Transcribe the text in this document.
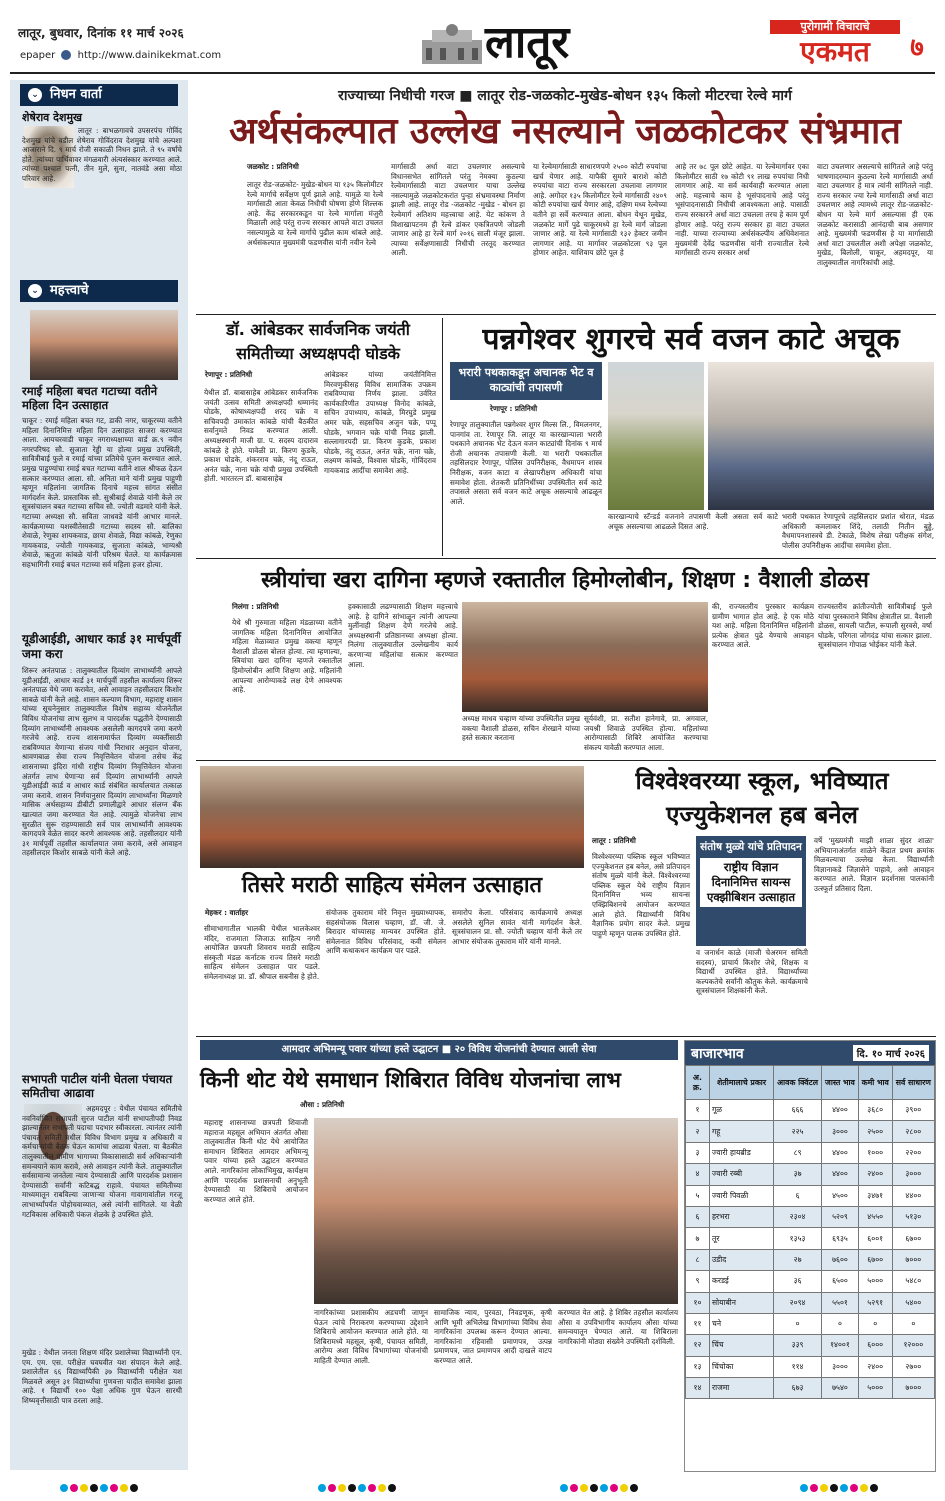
लातूर, बुधवार, दिनांक ११ मार्च २०२६
epaper http://www.dainikekmat.com	लातूर	पुरोगामी विचाराचे
एकमत	७
⌄ निधन वार्ता
शेषेराव देशमुख
लातूर : बाभळगावचे उपसरपंच गोविंद देशमुख यांचे वडील शेषेराव गोविंदराव देशमुख यांचे अल्पशा आजाराने दि. ९ मार्च रोजी सकाळी निधन झाले. ते ९५ वर्षांचे होते. त्यांच्या पार्थिवावर मंगळवारी अंत्यसंस्कार करण्यात आले. त्यांच्या पश्चात पत्नी, तीन मुले, सुना, नातवंडे असा मोठा परिवार आहे.
⌄ महत्त्वाचे
रमाई महिला बचत गटाच्या वतीने महिला दिन उत्साहात
चाकूर : रमाई महिला बचत गट, डाकी नगर, चाकूरच्या वतीने महिला दिनानिमित्त महिला दिन उत्साहात साजरा करण्यात आला. आयचरवाडी चाकूर नगराध्यक्षाच्या वार्ड क्र.९ नवीन नगरपरिषद सौ. सुजाता रेड्डी या होत्या प्रमुख उपस्थिती, सावित्रीबाई फुले व रमाई यांच्या प्रतिमेचे पूजन करण्यात आले. प्रमुख पाहुण्यांचा रमाई बचत गटाच्या वतीने शाल श्रीफळ देऊन सत्कार करण्यात आला. सौ. अनिता माने यांनी प्रमुख पाहुणी म्हणून महिलांना जागतिक दिनाचे महत्त्व सांगत संसीत मार्गदर्शन केले. प्रास्ताविक सौ. सुश्रीबाई शेवाळे यांनी केले तर सूत्रसंचालन बबत गटाच्या सचिव सौ. ज्योती वडमारे यांनी केले. गटाच्या अध्यक्षा सौ. सविता जाधवडे यांनी आभार मानले. कार्यक्रमाच्या यशस्वीतेसाठी गटाच्या सदस्य सौ. बालिका शेवाळे, रेणुका शायकवाड, छाया शेवाळे, विद्या कांबळे, रेणुका गायकवाड, ज्योती गायकवाड, सुजाता कांबळे, भाग्यश्री शेवाळे, ऋतुजा कांबळे यांनी परिश्रम घेतले. या कार्यक्रमास सहभागिनी रमाई बचत गटाच्या सर्व महिला हजर होत्या.
यूडीआईडी, आधार कार्ड ३१ मार्चपूर्वी जमा करा
शिरूर अनंतपाळ : तालुक्यातील दिव्यांग लाभार्थ्यांनी आपले यूडीआईडी, आधार कार्ड ३१ मार्चपूर्वी तहसील कार्यालय शिरूर अनंतपाळ येथे जमा करावेत, असे आवाहन तहसीलदार किशोर साबळे यांनी केले आहे. शासन कल्याण विभाग, महाराष्ट्र शासन यांच्या सूचनेनुसार तालुक्यातील विशेष सहाय्य योजनेतील विविध योजनांचा लाभ सुलभ व पारदर्शक पद्धतीने देण्यासाठी दिव्यांग लाभार्थ्यांनी आवश्यक असलेली कागदपत्रे जमा करणे गरजेचे आहे. राज्य शासनामार्फत दिव्यांग व्यक्तींसाठी राबविण्यात येणाऱ्या संजय गांधी निराधार अनुदान योजना, श्रावणबाळ सेवा राज्य निवृत्तिवेतन योजना तसेच केंद्र शासनाच्या इंदिरा गांधी राष्ट्रीय दिव्यांग निवृत्तिवेतन योजना अंतर्गत लाभ घेणाऱ्या सर्व दिव्यांग लाभार्थ्यांनी आपले यूडीआईडी कार्ड व आधार कार्ड संबंधित कार्यालयात तत्काळ जमा करावे. शासन निर्णयानुसार दिव्यांग लाभार्थ्यांना मिळणारे मासिक अर्थसहाय्य डीबीटी प्रणालीद्वारे आधार संलग्न बँक खात्यात जमा करण्यात येत आहे. त्यामुळे योजनेचा लाभ सुरळीत सुरू राहण्यासाठी सर्व पात्र लाभार्थ्यांनी आवश्यक कागदपत्रे वेळेत सादर करणे आवश्यक आहे. तहसीलदार यांनी ३१ मार्चपूर्वी तहसील कार्यालयात जमा करावे, असे आवाहन तहसीलदार किशोर साबळे यांनी केले आहे.
सभापती पाटील यांनी घेतला पंचायत समितीचा आढावा
अहमदपूर : येथील पंचायत समितीचे नवनिर्वाचित सभापती सुरज पाटील यांनी सभापतीपदी निवड झाल्यानंतर सभापती पदाचा पदभार स्वीकारला. त्यानंतर त्यांनी पंचायत समिती मधील विविध विभाग प्रमुख व अधिकारी व कर्मचाऱ्यांची बैठक घेऊन कामांचा आढावा घेतला. या बैठकीत तालुक्यातील ग्रामीण भागाच्या विकासासाठी सर्व अधिकाऱ्यांनी समन्वयाने काम करावे, असे आवाहन त्यांनी केले. तालुक्यातील सर्वसामान्य जनतेला न्याय देण्यासाठी आणि पारदर्शक प्रशासन देण्यासाठी सर्वांनी कटिबद्ध राहावे. पंचायत समितीच्या माध्यमातून राबविल्या जाणाऱ्या योजना गावागावांतील गरजू लाभार्थ्यांपर्यंत पोहोचवाव्यात, असे त्यांनी सांगितले. या वेळी गटविकास अधिकारी पंकज शेळके हे उपस्थित होते.
मुखेड : येथील जनता शिक्षण मंदिर प्रशालेच्या विद्यार्थ्यांनी एन. एम. एम. एस. परीक्षेत घवघवीत यश संपादन केले आहे. प्रशालेतील ६६ विद्यार्थ्यांपैकी ३७ विद्यार्थ्यांनी परीक्षेत यश मिळवले असून ३१ विद्यार्थ्यांचा गुणवत्ता यादीत समावेश झाला आहे. १ विद्यार्थी १०० पेक्षा अधिक गुण घेऊन सारथी शिष्यवृत्तीसाठी पात्र ठरला आहे.
राज्याच्या निधीची गरज ■ लातूर रोड-जळकोट-मुखेड-बोधन १३५ किलो मीटरचा रेल्वे मार्ग
अर्थसंकल्पात उल्लेख नसल्याने जळकोटकर संभ्रमात
जळकोट : प्रतिनिधी
लातूर रोड-जळकोट- मुखेड-बोधन या १३५ किलोमीटर रेल्वे मार्गाचे सर्वेक्षण पूर्ण झाले आहे. यामुळे या रेल्वे मार्गासाठी आता केवळ निधीची घोषणा होणे शिल्लक आहे. केंद्र सरकारकडून या रेल्वे मार्गाला मंजुरी मिळाली आहे परंतु राज्य सरकार आपले वाटा उचलत नसल्यामुळे या रेल्वे मार्गाचे पुढील काम थांबले आहे. अर्थसंकल्पात मुख्यमंत्री फडणवीस यांनी नवीन रेल्वे
मार्गासाठी अर्धा वाटा उचलणार असल्याचे विधानसभेत सांगितले परंतु नेमक्या कुठल्या रेल्वेमार्गासाठी वाटा उचलणार याचा उल्लेख नसल्यामुळे जळकोटकरांत पुन्हा संभ्रमावस्था निर्माण झाली आहे. लातूर रोड -जळकोट -मुखेड - बोधन हा रेल्वेमार्ग अतिशय महत्त्वाचा आहे. येट कांकण ते विशाखापटनम ही रेल्वे डांकर एकत्रितपणे जोडली जाणार आहे हा रेल्वे मार्ग २०१६ साली मंजूर झाला. त्याच्या सर्वेक्षणासाठी निधीची तरतूद करण्यात आली.
या रेल्वेमार्गासाठी साधारणपणे २५०० कोटी रुपयांचा खर्च येणार आहे. यापैकी सुमारे बाराशे कोटी रुपयांचा वाटा राज्य सरकारला उचलावा लागणार आहे. अगोदर १३५ किलोमीटर रेल्वे मार्गासाठी २४०९ कोटी रुपयांचा खर्च येणार आहे, दक्षिण मध्य रेल्वेच्या वतीने हा सर्वे करण्यात आला. बोधन येथून मुखेड, जळकोट मार्गे पुढे चाकूरमध्ये हा रेल्वे मार्ग जोडला जाणार आहे. या रेल्वे मार्गासाठी १३२ हेक्टर जमीन लागणार आहे. या मार्गावर जळकोटला ९३ पूल होणार आहेत. याशिवाय छोटे पूल हे
आहे तर ७८ पूल छोटे आहेत. या रेल्वेमार्गावर एका किलोमीटर साठी १७ कोटी ९१ लाख रुपयांचा निधी लागणार आहे. या सर्व कार्यवाही करण्यात आला आहे. महत्त्वाचे काम हे भूसंपादनाचे आहे परंतु भूसंपादनासाठी निधीची आवश्यकता आहे. यासाठी राज्य सरकारने अर्धा वाटा उचलला तरच हे काम पूर्ण होणार आहे. परंतु राज्य सरकार हा वाटा उचलत नाही. याच्या राज्याच्या अर्थसंकल्पीय अधिवेशनात मुख्यमंत्री देवेंद्र फडणवीस यांनी राज्यातील रेल्वे मार्गांसाठी राज्य सरकार अर्धा
वाटा उचलणार असल्याचे सांगितले आहे परंतु भाषणादरम्यान कुठल्या रेल्वे मार्गासाठी अर्धा वाटा उचलणार हे मात्र त्यांनी सांगितले नाही. राज्य सरकार ज्या रेल्वे मार्गासाठी अर्धा वाटा उचलणार आहे त्यामध्ये लातूर रोड-जळकोट-बोधन या रेल्वे मार्ग असल्यास ही एक जळकोट करासाठी आनंदाची बाब असणार आहे. मुख्यमंत्री फडणवीस हे या मार्गासाठी अर्धा वाटा उचलतील अशी अपेक्षा जळकोट, मुखेड, बिलोली, चाकूर, अहमदपूर, या तालुक्यातील नागरिकांची आहे.
डॉ. आंबेडकर सार्वजनिक जयंती समितीच्या अध्यक्षपदी घोडके
रेणापूर : प्रतिनिधी
येथील डॉ. बाबासाहेब आंबेडकर सार्वजनिक जयंती उत्सव समिती अध्यक्षपदी धम्मानंद घोडके, कोषाध्यक्षपदी शरद चक्रे व सचिवपदी उमाकांत कांबळे यांची बैठकीत सर्वानुमते निवड करण्यात आली. अध्यक्षस्थानी माजी ग्रा. प. सदस्य दादाराव कांबळे हे होते. यावेळी प्रा. किरण कुडके, प्रकाश घोडके, शंकरराव चक्रे, नंदू राऊत, अनंत चक्रे, नाना चक्रे यांची प्रमुख उपस्थिती होती. भारतरत्न डॉ. बाबासाहेब
आंबेडकर यांच्या जयंतीनिमित्त मिरवणुकीसह विविध सामाजिक उपक्रम राबविण्याचा निर्णय झाला. उर्वरित कार्यकारिणीत उपाध्यक्ष विनोद कांबळे, सचिन उपाध्याय, कांबळे, मिरघुडे प्रमुख अमर चक्रे, सहसचिव अजुन चक्रे, पप्पू घोडके, भगवान चक्रे यांची निवड झाली. सल्लागारपदी प्रा. किरण कुडके, प्रकाश घोडके, नंदू राऊत, अनंत चक्रे, नाना चक्रे, लक्ष्मण कांबळे, विश्वास घोडके, गोविंदराव गायकवाड आदींचा समावेश आहे.
पन्नगेश्वर शुगरचे सर्व वजन काटे अचूक
भरारी पथकाकडून अचानक भेट व काट्यांची तपासणी
रेणापूर : प्रतिनिधी
रेणापूर तालुक्यातील पन्नगेश्वर शुगर मिल्स लि., विमलनगर, पानगांव ता. रेणापूर जि. लातूर या कारखान्याला भरारी पथकाने अचानक भेट देऊन वजन काट्यांची दिनांक ९ मार्च रोजी अचानक तपासणी केली. या भरारी पथकातील तहसिलदार रेणापूर, पोलिस उपनिरीक्षक, वैधमापन शास्त्र निरीक्षक, वजन काटा व लेखापरीक्षण अधिकारी यांचा समावेश होता. शेतकरी प्रतिनिधींच्या उपस्थितीत सर्व काटे तपासले असता सर्व वजन काटे अचूक असल्याचे आढळून आले.
कारखान्याचे स्टॅन्डर्ड वजनाने तपासणी केली असता सर्व काटे अचूक असल्याचा आढळले दिसत आहे.
भरारी पथकात रेणापूरचे तहसिलदार प्रशांत थोरात, मंडळ अधिकारी कमलाकर शिंदे, तलाठी नितीन बुड्डे, वैधमापनशास्त्रचे डी. टेकाळे, विशेष लेखा परीक्षक संगेश, पोलीस उपनिरीक्षक आदींचा समावेश होता.
स्त्रीयांचा खरा दागिना म्हणजे रक्तातील हिमोग्लोबीन, शिक्षण : वैशाली डोळस
निलंगा : प्रतिनिधी
येथे श्री गुरुमाता महिला मंडळाच्या वतीने जागतिक महिला दिनानिमित्त आयोजित महिला मेळाव्यात प्रमुख वक्त्या म्हणून वैशाली डोळस बोलत होत्या. त्या म्हणाल्या, स्त्रियांचा खरा दागिना म्हणजे रक्तातील हिमोग्लोबीन आणि शिक्षण आहे. महिलांनी आपल्या आरोग्याकडे लक्ष देणे आवश्यक आहे.
हक्कासाठी लढण्यासाठी शिक्षण महत्त्वाचे आहे. हे दागिने सांभाळून त्यांनी आपल्या मुलींनाही शिक्षण देणे गरजेचे आहे. अध्यक्षस्थानी प्रतिष्ठानच्या अध्यक्षा होत्या. निलंगा तालुक्यातील उल्लेखनीय कार्य करणाऱ्या महिलांचा सत्कार करण्यात आला.
अध्यक्ष माधव चव्हाण यांच्या उपस्थितीत प्रमुख वक्त्या वैशाली डोळस, सचिन शेरखाने यांच्या हस्ते सत्कार करताना
सूर्यवंशी, प्रा. सतीश हानेगावे, प्रा. अगवाल, जयश्री शिवाळे उपस्थित होत्या. महिलांच्या आरोग्यासाठी शिबिरे आयोजित करण्याचा संकल्प यावेळी करण्यात आला.
की, राज्यस्तरीय पुरस्कार कार्यक्रम ग्रामीण भागात होत आहे. हे एक मोठे यश आहे. महिला दिनानिमित्त महिलांनी प्रत्येक क्षेत्रात पुढे येण्याचे आवाहन करण्यात आले.
राज्यस्तरीय क्रांतीज्योती सावित्रीबाई फुले यांचा पुरस्काराने विविध क्षेत्रातील प्रा. वैशाली डोळस, सायली पाटील, रूपाली सुरवसे, वर्षा घोडके, परिगता जोगदंड यांचा सत्कार झाला. सूत्रसंचालन गोपाळ भोईकर यांनी केले.
तिसरे मराठी साहित्य संमेलन उत्साहात
मेहकर : वार्ताहर
सीमाभागातील भालकी येथील भालकेश्वर मंदिर, राजमाता जिजाऊ साहित्य नगरी आयोजित छत्रपती शिवराय मराठी साहित्य संस्कृती मंडळ कर्नाटक राज्य तिसरे मराठी साहित्य संमेलन उत्साहात पार पडले. संमेलनाध्यक्ष प्रा. डॉ. श्रीपाल सबनीस हे होते.
संयोजक तुकाराम मोरे निवृत्त मुख्याध्यापक, सहसंयोजक विलास चव्हाण, डॉ. जी. जे. बिरादार यांच्यासह मान्यवर उपस्थित होते. संमेलनात विविध परिसंवाद, कवी संमेलन आणि कथाकथन कार्यक्रम पार पडले.
समारोप केला. परिसंवाद कार्यक्रमाचे अध्यक्ष असलेले सुनिल सावंत यांनी मार्गदर्शन केले. सूत्रसंचालन प्रा. सौ. ज्योती चव्हाण यांनी केले तर आभार संयोजक तुकाराम मोरे यांनी मानले.
विश्वेश्वरय्या स्कूल, भविष्यात
एज्युकेशनल हब बनेल
लातूर : प्रतिनिधी
विश्वेश्वरय्या पब्लिक स्कूल भविष्यात एज्युकेशनल हब बनेल, असे प्रतिपादन संतोष मुळ्ये यांनी केले. विश्वेश्वरय्या पब्लिक स्कूल येथे राष्ट्रीय विज्ञान दिनानिमित्त भव्य सायन्स एक्झिबिशनचे आयोजन करण्यात आले होते. विद्यार्थ्यांनी विविध वैज्ञानिक प्रयोग सादर केले. प्रमुख पाहुणे म्हणून पालक उपस्थित होते.
संतोष मुळ्ये यांचे प्रतिपादन
राष्ट्रीय विज्ञान दिनानिमित्त सायन्स एक्झीबिशन उत्साहात
व जनार्धन काळे (माजी चेअरमन समिती सदस्य), प्राचार्य किशोर जेधे, शिक्षक व विद्यार्थी उपस्थित होते. विद्यार्थ्यांच्या कल्पकतेचे सर्वांनी कौतुक केले. कार्यक्रमाचे सूत्रसंचालन शिक्षकांनी केले.
वर्षे 'मुख्यमंत्री माझी शाळा सुंदर शाळा' अभियानाअंतर्गत शाळेने केंद्रात प्रथम क्रमांक मिळवल्याचा उल्लेख केला. विद्यार्थ्यांनी विज्ञानाकडे जिज्ञासेने पाहावे, असे आवाहन करण्यात आले. विज्ञान प्रदर्शनास पालकांनी उत्स्फूर्त प्रतिसाद दिला.
आमदार अभिमन्यू पवार यांच्या हस्ते उद्घाटन ■ २० विविध योजनांची देण्यात आली सेवा
किनी थोट येथे समाधान शिबिरात विविध योजनांचा लाभ
औसा : प्रतिनिधी
महाराष्ट्र शासनाच्या छत्रपती शिवाजी महाराज महसूल अभियान अंतर्गत औसा तालुक्यातील किनी थोट येथे आयोजित समाधान शिबिरात आमदार अभिमन्यू पवार यांच्या हस्ते उद्घाटन करण्यात आले. नागरिकांना लोकाभिमुख, कार्यक्षम आणि पारदर्शक प्रशासनाची अनुभूती देण्यासाठी या शिबिराचे आयोजन करण्यात आले होते.
नागरिकांच्या प्रशासकीय अडचणी जाणून घेऊन त्यांचे निराकरण करण्याच्या उद्देशाने शिबिराचे आयोजन करण्यात आले होते. या शिबिरामध्ये महसूल, कृषी, पंचायत समिती, आरोग्य अशा विविध विभागांच्या योजनांची माहिती देण्यात आली.
सामाजिक न्याय, पुरवठा, निवडणूक, कृषी आणि भूमी अभिलेख विभागांच्या विविध सेवा नागरिकांना उपलब्ध करून देण्यात आल्या. नागरिकांना रहिवासी प्रमाणपत्र, उत्पन्न प्रमाणपत्र, जात प्रमाणपत्र आदी दाखले वाटप करण्यात आले.
करण्यात येत आहे. हे शिबिर तहसील कार्यालय औसा व उपविभागीय कार्यालय औसा यांच्या समन्वयातून घेण्यात आले. या शिबिराला नागरिकांनी मोठ्या संख्येने उपस्थिती दर्शविली.
बाजारभाव	दि. १० मार्च २०२६
अ. क्र.	शेतीमालाचे प्रकार	आवक क्विंटल	जास्त भाव	कमी भाव	सर्व साधारण
१	गूळ	६६६	४४००	३६८०	३९००
२	गहू	२२५	३०००	२५००	२८००
३	ज्वारी हायब्रीड	८९	४४००	१०००	२२००
४	ज्वारी रब्बी	३७	४४००	२४००	३०००
५	ज्वारी पिवळी	६	४५००	३४७१	४४००
६	हरभरा	२३०४	५२०९	४५५०	५१३०
७	तूर	१३५३	६९३५	६००१	६७००
८	उडीद	२७	७६००	६७००	७०००
९	करडई	३६	६५००	५०००	५४८०
१०	सोयाबीन	२०९४	५५०१	५२९१	५४००
११	चने	०	०	०	०
१२	चिंच	३३९	१४००१	६०००	१२०००
१३	चिंचोका	११४	३०००	२४००	२७००
१४	राजमा	६७३	७५४०	५०००	७०००
